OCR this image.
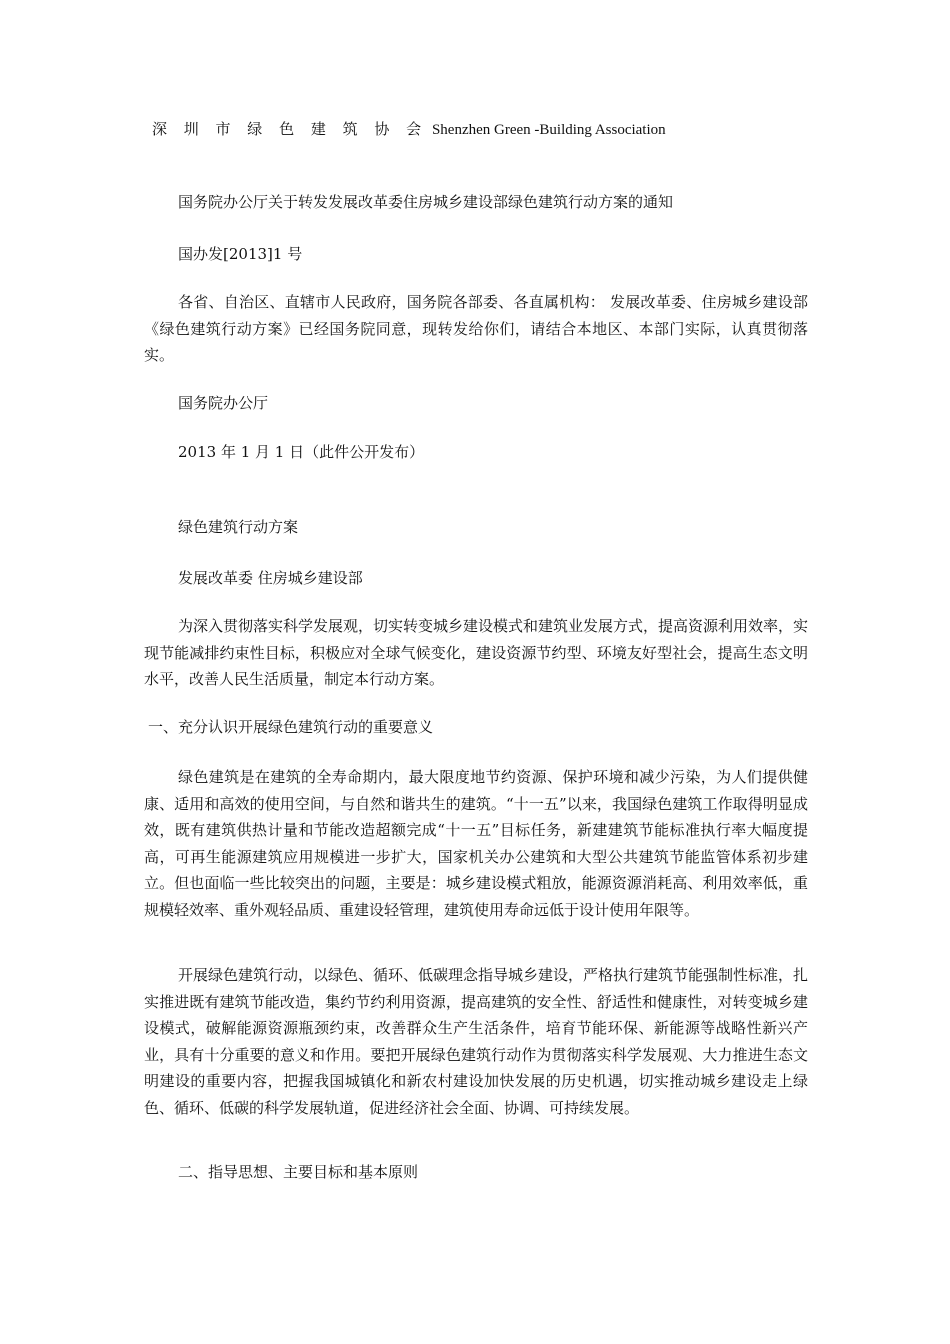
深 圳 市 绿 色 建 筑 协 会 Shenzhen Green -Building Association
国务院办公厅关于转发发展改革委住房城乡建设部绿色建筑行动方案的通知
国办发[2013]1 号
各省、自治区、直辖市人民政府，国务院各部委、各直属机构： 发展改革委、住房城乡建设部《绿色建筑行动方案》已经国务院同意，现转发给你们，请结合本地区、本部门实际，认真贯彻落实。
国务院办公厅
2013 年 1 月 1 日（此件公开发布）
绿色建筑行动方案
发展改革委 住房城乡建设部
为深入贯彻落实科学发展观，切实转变城乡建设模式和建筑业发展方式，提高资源利用效率，实现节能减排约束性目标，积极应对全球气候变化，建设资源节约型、环境友好型社会，提高生态文明水平，改善人民生活质量，制定本行动方案。
一、充分认识开展绿色建筑行动的重要意义
绿色建筑是在建筑的全寿命期内，最大限度地节约资源、保护环境和减少污染，为人们提供健康、适用和高效的使用空间，与自然和谐共生的建筑。“十一五”以来，我国绿色建筑工作取得明显成效，既有建筑供热计量和节能改造超额完成“十一五”目标任务，新建建筑节能标准执行率大幅度提高，可再生能源建筑应用规模进一步扩大，国家机关办公建筑和大型公共建筑节能监管体系初步建立。但也面临一些比较突出的问题，主要是：城乡建设模式粗放，能源资源消耗高、利用效率低，重规模轻效率、重外观轻品质、重建设轻管理，建筑使用寿命远低于设计使用年限等。
开展绿色建筑行动，以绿色、循环、低碳理念指导城乡建设，严格执行建筑节能强制性标准，扎实推进既有建筑节能改造，集约节约利用资源，提高建筑的安全性、舒适性和健康性，对转变城乡建设模式，破解能源资源瓶颈约束，改善群众生产生活条件，培育节能环保、新能源等战略性新兴产业，具有十分重要的意义和作用。要把开展绿色建筑行动作为贯彻落实科学发展观、大力推进生态文明建设的重要内容，把握我国城镇化和新农村建设加快发展的历史机遇，切实推动城乡建设走上绿色、循环、低碳的科学发展轨道，促进经济社会全面、协调、可持续发展。
二、指导思想、主要目标和基本原则
